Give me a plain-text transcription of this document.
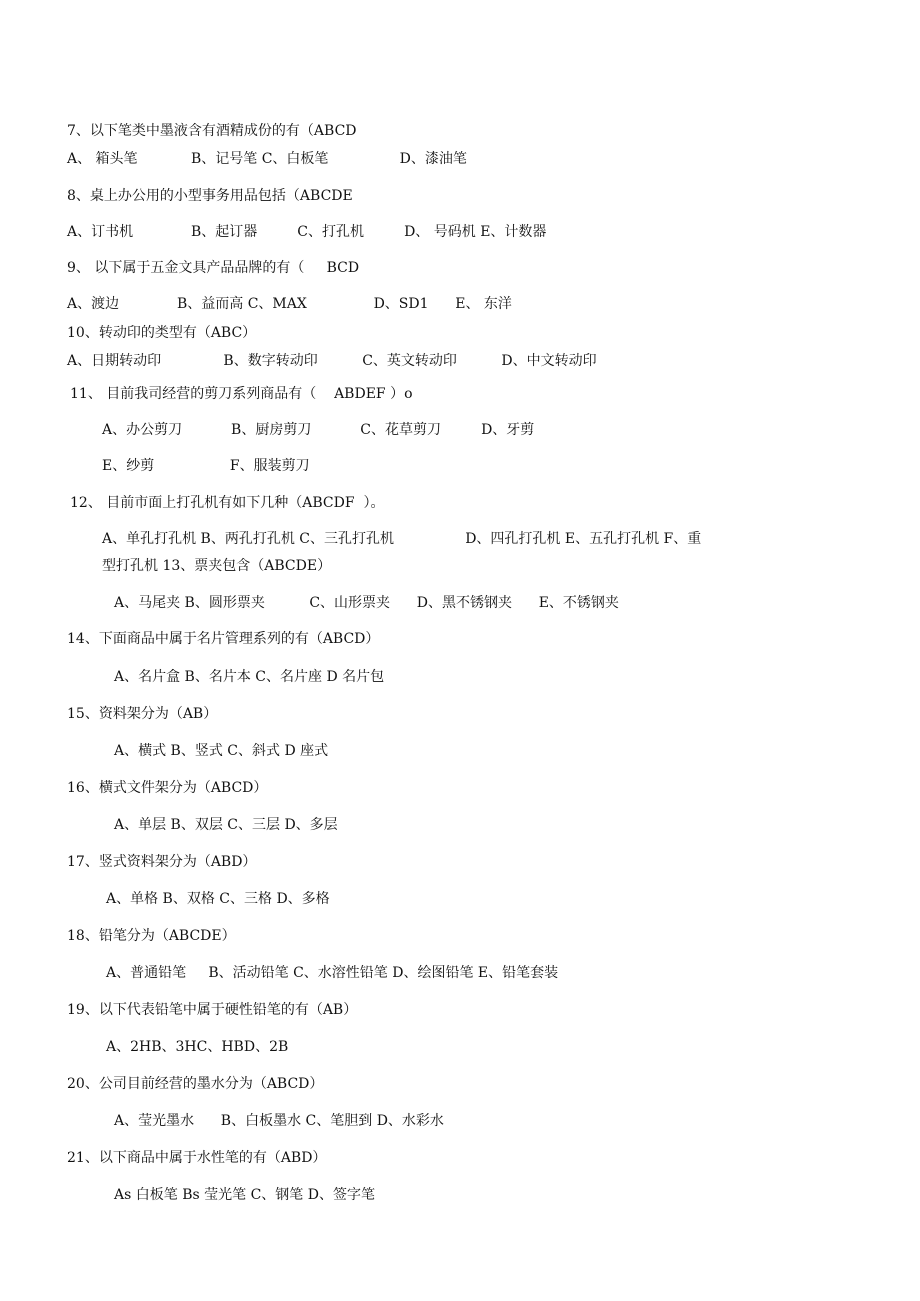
7、以下笔类中墨液含有酒精成份的有（ABCD
A、 箱头笔            B、记号笔 C、白板笔                D、漆油笔
8、桌上办公用的小型事务用品包括（ABCDE
A、订书机             B、起订器         C、打孔机         D、 号码机 E、计数器
9、 以下属于五金文具产品品牌的有（     BCD
A、渡边             B、益而高 C、MAX               D、SD1      E、 东洋
10、转动印的类型有（ABC）
A、日期转动印              B、数字转动印          C、英文转动印          D、中文转动印
11、 目前我司经营的剪刀系列商品有（    ABDEF ）o
A、办公剪刀           B、厨房剪刀           C、花草剪刀         D、牙剪
E、纱剪                 F、服装剪刀
12、 目前市面上打孔机有如下几种（ABCDF  ）。
A、单孔打孔机 B、两孔打孔机 C、三孔打孔机                D、四孔打孔机 E、五孔打孔机 F、重
型打孔机 13、票夹包含（ABCDE）
A、马尾夹 B、圆形票夹          C、山形票夹      D、黑不锈钢夹      E、不锈钢夹
14、下面商品中属于名片管理系列的有（ABCD）
A、名片盒 B、名片本 C、名片座 D 名片包
15、资料架分为（AB）
A、横式 B、竖式 C、斜式 D 座式
16、横式文件架分为（ABCD）
A、单层 B、双层 C、三层 D、多层
17、竖式资料架分为（ABD）
A、单格 B、双格 C、三格 D、多格
18、铅笔分为（ABCDE）
A、普通铅笔     B、活动铅笔 C、水溶性铅笔 D、绘图铅笔 E、铅笔套装
19、以下代表铅笔中属于硬性铅笔的有（AB）
A、2HB、3HC、HBD、2B
20、公司目前经营的墨水分为（ABCD）
A、莹光墨水      B、白板墨水 C、笔胆到 D、水彩水
21、以下商品中属于水性笔的有（ABD）
As 白板笔 Bs 莹光笔 C、钢笔 D、签字笔
